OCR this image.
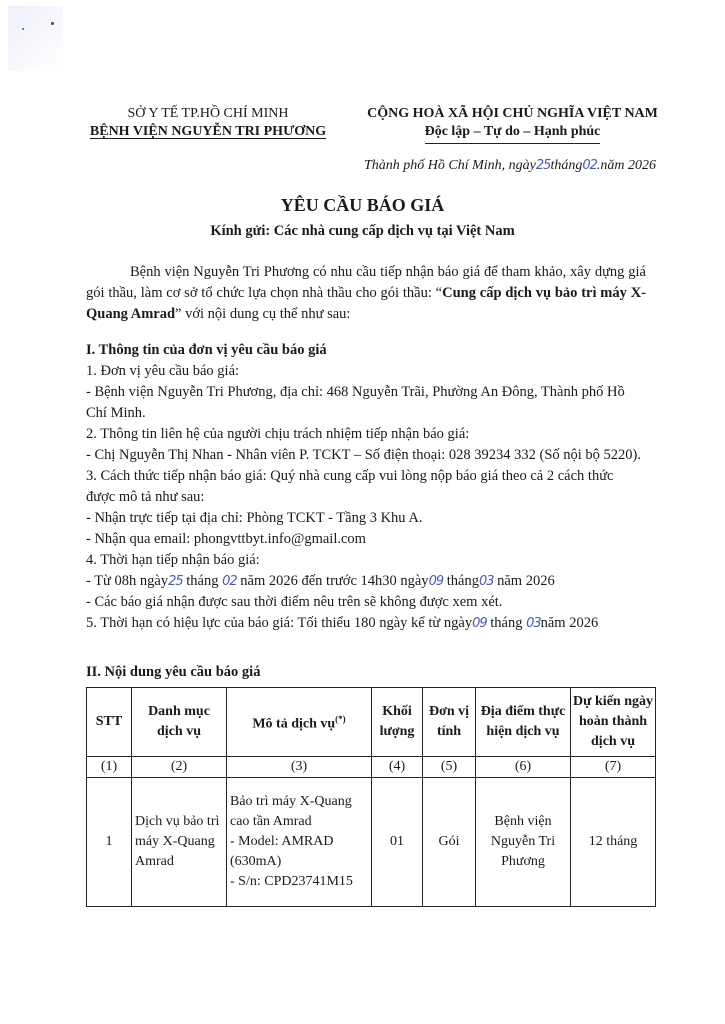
SỞ Y TẾ TP.HỒ CHÍ MINH
BỆNH VIỆN NGUYỄN TRI PHƯƠNG
CỘNG HOÀ XÃ HỘI CHỦ NGHĨA VIỆT NAM
Độc lập – Tự do – Hạnh phúc
Thành phố Hồ Chí Minh, ngày25tháng02.năm 2026
YÊU CẦU BÁO GIÁ
Kính gửi: Các nhà cung cấp dịch vụ tại Việt Nam
Bệnh viện Nguyễn Tri Phương có nhu cầu tiếp nhận báo giá để tham khảo, xây dựng giá gói thầu, làm cơ sở tổ chức lựa chọn nhà thầu cho gói thầu: “Cung cấp dịch vụ bảo trì máy X-Quang Amrad” với nội dung cụ thể như sau:
I. Thông tin của đơn vị yêu cầu báo giá
1. Đơn vị yêu cầu báo giá:
- Bệnh viện Nguyễn Tri Phương, địa chỉ: 468 Nguyễn Trãi, Phường An Đông, Thành phố Hồ Chí Minh.
2. Thông tin liên hệ của người chịu trách nhiệm tiếp nhận báo giá:
- Chị Nguyễn Thị Nhan - Nhân viên P. TCKT – Số điện thoại: 028 39234 332 (Số nội bộ 5220).
3. Cách thức tiếp nhận báo giá: Quý nhà cung cấp vui lòng nộp báo giá theo cả 2 cách thức được mô tả như sau:
- Nhận trực tiếp tại địa chỉ: Phòng TCKT - Tầng 3 Khu A.
- Nhận qua email: phongvttbyt.info@gmail.com
4. Thời hạn tiếp nhận báo giá:
- Từ 08h ngày25 tháng 02 năm 2026 đến trước 14h30 ngày09 tháng03 năm 2026
- Các báo giá nhận được sau thời điểm nêu trên sẽ không được xem xét.
5. Thời hạn có hiệu lực của báo giá: Tối thiểu 180 ngày kể từ ngày09 tháng 03năm 2026
II. Nội dung yêu cầu báo giá
STT	Danh mục dịch vụ	Mô tả dịch vụ(*)	Khối lượng	Đơn vị tính	Địa điểm thực hiện dịch vụ	Dự kiến ngày hoàn thành dịch vụ
(1)	(2)	(3)	(4)	(5)	(6)	(7)
1	Dịch vụ bảo trì máy X-Quang Amrad	Bảo trì máy X-Quang cao tần Amrad
- Model: AMRAD (630mA)
- S/n: CPD23741M15	01	Gói	Bệnh viện Nguyễn Tri Phương	12 tháng
